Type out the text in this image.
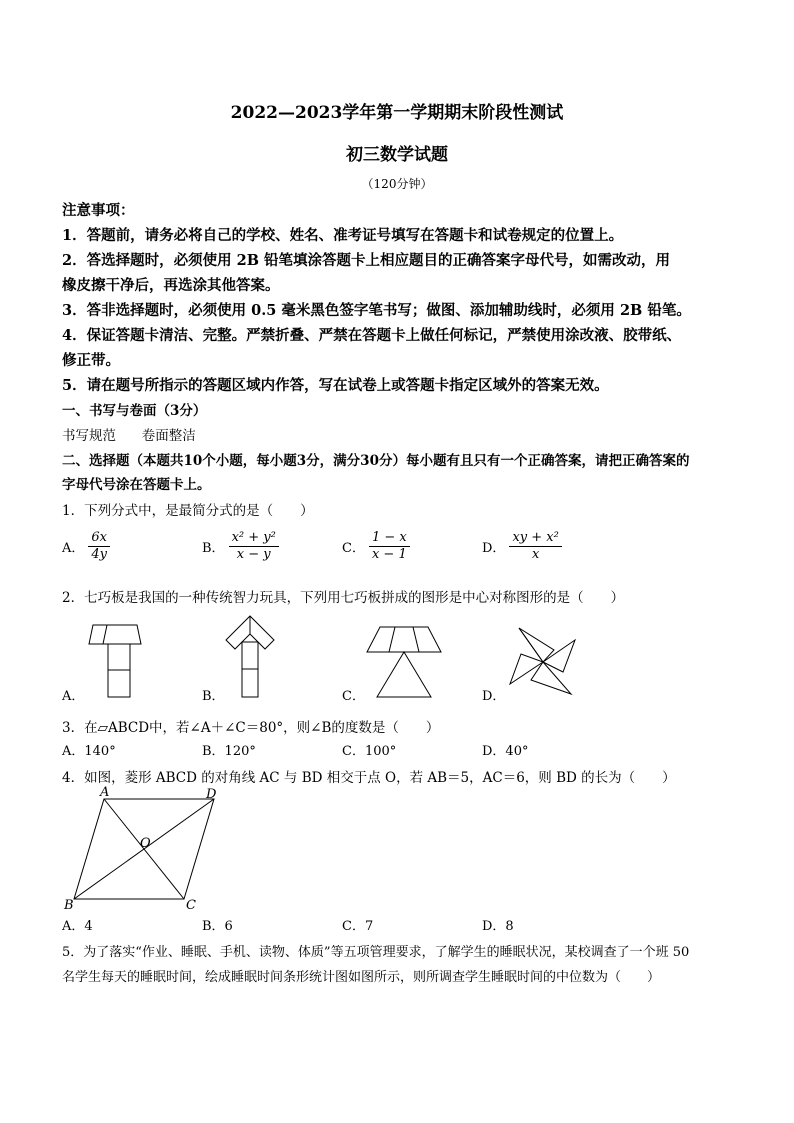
2022—2023学年第一学期期末阶段性测试
初三数学试题
（120分钟）
注意事项：
1．答题前，请务必将自己的学校、姓名、准考证号填写在答题卡和试卷规定的位置上。
2．答选择题时，必须使用 2B 铅笔填涂答题卡上相应题目的正确答案字母代号，如需改动，用
橡皮擦干净后，再选涂其他答案。
3．答非选择题时，必须使用 0.5 毫米黑色签字笔书写；做图、添加辅助线时，必须用 2B 铅笔。
4．保证答题卡清洁、完整。严禁折叠、严禁在答题卡上做任何标记，严禁使用涂改液、胶带纸、
修正带。
5．请在题号所指示的答题区域内作答，写在试卷上或答题卡指定区域外的答案无效。
一、书写与卷面（3分）
书写规范      卷面整洁
二、选择题（本题共10个小题，每小题3分，满分30分）每小题有且只有一个正确答案，请把正确答案的
字母代号涂在答题卡上。
1．下列分式中，是最简分式的是（　　）
A． $\frac{6x}{4y}$	B． $\frac{\text{x² + y²}}{x - y}$	C． $\frac{1 - x}{x - 1}$	D． $\frac{\text{xy + x²}}{x}$
2．七巧板是我国的一种传统智力玩具，下列用七巧板拼成的图形是中心对称图形的是（　　）
A．	B．	C．	D．
3．在▱ABCD中，若∠A＋∠C＝80°，则∠B的度数是（　　）
A．140°	B．120°	C．100°	D．40°
4．如图，菱形 ABCD 的对角线 AC 与 BD 相交于点 O，若 AB＝5，AC＝6，则 BD 的长为（　　）
A	D
B	C
O
A．4	B．6	C．7	D．8
5．为了落实“作业、睡眠、手机、读物、体质”等五项管理要求，了解学生的睡眠状况，某校调查了一个班 50
名学生每天的睡眠时间，绘成睡眠时间条形统计图如图所示，则所调查学生睡眠时间的中位数为（　　）
